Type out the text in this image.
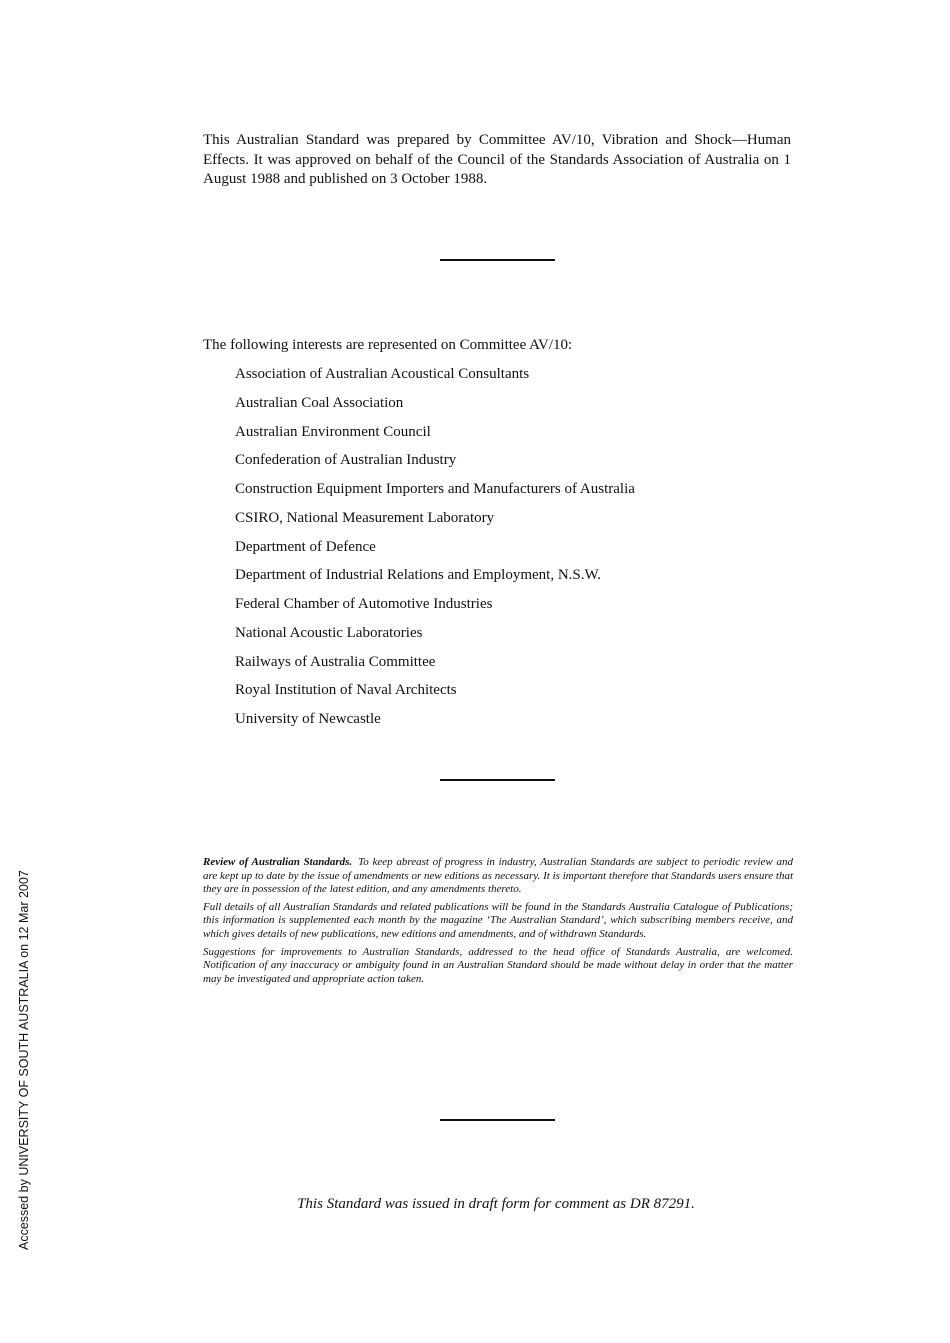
This Australian Standard was prepared by Committee AV/10, Vibration and Shock—Human Effects. It was approved on behalf of the Council of the Standards Association of Australia on 1 August 1988 and published on 3 October 1988.

The following interests are represented on Committee AV/10:

Association of Australian Acoustical Consultants
Australian Coal Association
Australian Environment Council
Confederation of Australian Industry
Construction Equipment Importers and Manufacturers of Australia
CSIRO, National Measurement Laboratory
Department of Defence
Department of Industrial Relations and Employment, N.S.W.
Federal Chamber of Automotive Industries
National Acoustic Laboratories
Railways of Australia Committee
Royal Institution of Naval Architects
University of Newcastle

Review of Australian Standards. To keep abreast of progress in industry, Australian Standards are subject to periodic review and are kept up to date by the issue of amendments or new editions as necessary. It is important therefore that Standards users ensure that they are in possession of the latest edition, and any amendments thereto.

Full details of all Australian Standards and related publications will be found in the Standards Australia Catalogue of Publications; this information is supplemented each month by the magazine ‘The Australian Standard’, which subscribing members receive, and which gives details of new publications, new editions and amendments, and of withdrawn Standards.

Suggestions for improvements to Australian Standards, addressed to the head office of Standards Australia, are welcomed. Notification of any inaccuracy or ambiguity found in an Australian Standard should be made without delay in order that the matter may be investigated and appropriate action taken.

This Standard was issued in draft form for comment as DR 87291.

Accessed by UNIVERSITY OF SOUTH AUSTRALIA on 12 Mar 2007
